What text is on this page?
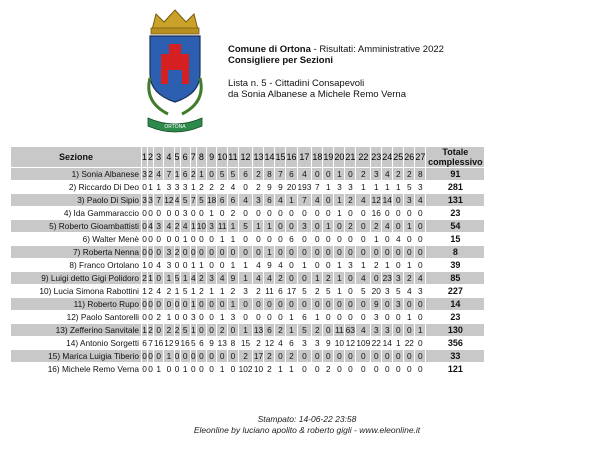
ORTONA
Comune di Ortona - Risultati: Amministrative 2022
Consigliere per Sezioni
Lista n. 5 - Cittadini Consapevoli
da Sonia Albanese a Michele Remo Verna
Sezione	1	2	3	4	5	6	7	8	9	10	11	12	13	14	15	16	17	18	19	20	21	22	23	24	25	26	27	Totale
complessivo

1) Sonia Albanese	3	2	4	7	1	6	2	1	0	5	5	6	2	8	7	6	4	0	0	1	0	2	3	4	2	2	8	91
2) Riccardo Di Deo	0	1	1	3	3	3	1	2	2	2	4	0	2	9	9	20	193	7	1	3	3	1	1	1	1	5	3	281
3) Paolo Di Sipio	3	3	7	12	4	5	7	5	18	6	6	4	3	6	4	1	7	4	0	1	2	4	12	14	0	3	4	131
4) Ida Gammaraccio	0	0	0	0	0	3	0	0	1	0	2	0	0	0	0	0	0	0	0	1	0	0	16	0	0	0	0	23
5) Roberto Gioambattisti	0	4	3	4	2	4	1	10	3	11	1	5	1	1	0	0	3	0	1	0	2	0	2	4	0	1	0	54
6) Walter Menè	0	0	0	0	0	1	0	0	0	1	1	0	0	0	0	6	0	0	0	0	0	0	1	0	4	0	0	15
7) Roberta Nenna	0	0	0	3	2	0	0	0	0	0	0	0	0	1	0	0	0	0	0	0	0	0	0	0	0	0	0	8
8) Franco Ortolano	1	0	4	3	0	0	1	1	0	0	1	1	4	9	4	0	1	0	0	1	3	1	2	1	0	1	0	39
9) Luigi detto Gigi Polidoro	2	1	0	1	5	1	4	2	3	4	9	1	4	4	2	0	0	1	2	1	0	4	0	23	3	2	4	85
10) Lucia Simona Rabottini	1	2	4	2	1	5	1	2	1	1	2	3	2	11	6	17	5	2	5	1	0	5	20	3	5	4	3	227
11) Roberto Rupo	0	0	0	0	0	0	1	0	0	0	1	0	0	0	0	0	0	0	0	0	0	0	9	0	3	0	0	14
12) Paolo Santorelli	0	0	2	1	0	0	3	0	0	1	3	0	0	0	0	1	6	1	0	0	0	0	3	0	0	1	0	23
13) Zefferino Sanvitale	1	2	0	2	2	5	1	0	0	2	0	1	13	6	2	1	5	2	0	11	63	4	3	3	0	0	1	130
14) Antonio Sorgetti	6	7	16	12	9	16	5	6	9	13	8	15	2	12	4	6	3	3	9	10	12	109	22	14	1	22	0	356
15) Marica Luigia Tiberio	0	0	0	1	0	0	0	0	0	0	0	2	17	2	0	2	0	0	0	0	0	0	0	0	0	0	0	33
16) Michele Remo Verna	0	0	1	0	0	1	0	0	0	1	0	102	10	2	1	1	0	0	2	0	0	0	0	0	0	0	0	121
Stampato: 14-06-22 23:58
Eleonline by luciano apolito & roberto gigli - www.eleonline.it
